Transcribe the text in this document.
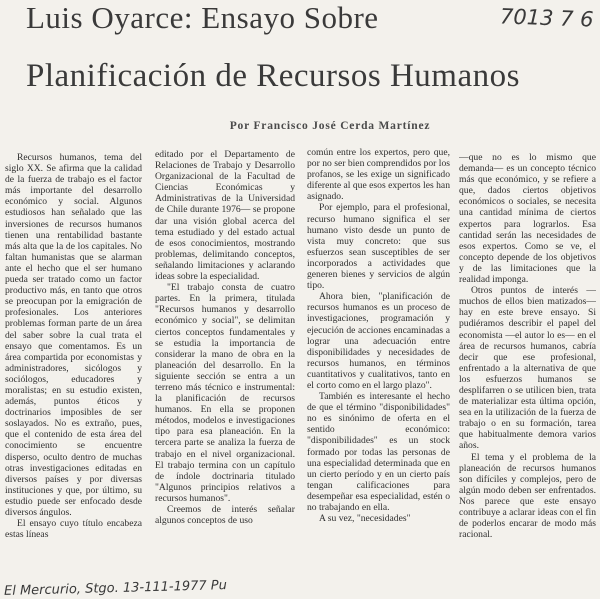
Luis Oyarce: Ensayo Sobre	7013 7 6
Planificación de Recursos Humanos
Por Francisco José Cerda Martínez

Recursos humanos, tema del siglo XX. Se afirma que la calidad de la fuerza de trabajo es el factor más importante del desarrollo económico y social. Algunos estudiosos han señalado que las inversiones de recursos humanos tienen una rentabilidad bastante más alta que la de los capitales. No faltan humanistas que se alarman ante el hecho que el ser humano pueda ser tratado como un factor productivo más, en tanto que otros se preocupan por la emigración de profesionales. Los anteriores problemas forman parte de un área del saber sobre la cual trata el ensayo que comentamos. Es un área compartida por economistas y administradores, sicólogos y sociólogos, educadores y moralistas; en su estudio existen, además, puntos éticos y doctrinarios imposibles de ser soslayados. No es extraño, pues, que el contenido de esta área del conocimiento se encuentre disperso, oculto dentro de muchas otras investigaciones editadas en diversos países y por diversas instituciones y que, por último, su estudio puede ser enfocado desde diversos ángulos.

El ensayo cuyo título encabeza estas líneas

editado por el Departamento de Relaciones de Trabajo y Desarrollo Organizacional de la Facultad de Ciencias Económicas y Administrativas de la Universidad de Chile durante 1976— se propone dar una visión global acerca del tema estudiado y del estado actual de esos conocimientos, mostrando problemas, delimitando conceptos, señalando limitaciones y aclarando ideas sobre la especialidad.

"El trabajo consta de cuatro partes. En la primera, titulada "Recursos humanos y desarrollo económico y social", se delimitan ciertos conceptos fundamentales y se estudia la importancia de considerar la mano de obra en la planeación del desarrollo. En la siguiente sección se entra a un terreno más técnico e instrumental: la planificación de recursos humanos. En ella se proponen métodos, modelos e investigaciones tipo para esa planeación. En la tercera parte se analiza la fuerza de trabajo en el nivel organizacional. El trabajo termina con un capítulo de índole doctrinaria titulado "Algunos principios relativos a recursos humanos".

Creemos de interés señalar algunos conceptos de uso

común entre los expertos, pero que, por no ser bien comprendidos por los profanos, se les exige un significado diferente al que esos expertos les han asignado.

Por ejemplo, para el profesional, recurso humano significa el ser humano visto desde un punto de vista muy concreto: que sus esfuerzos sean susceptibles de ser incorporados a actividades que generen bienes y servicios de algún tipo.

Ahora bien, "planificación de recursos humanos es un proceso de investigaciones, programación y ejecución de acciones encaminadas a lograr una adecuación entre disponibilidades y necesidades de recursos humanos, en términos cuantitativos y cualitativos, tanto en el corto como en el largo plazo".

También es interesante el hecho de que el término "disponibilidades" no es sinónimo de oferta en el sentido económico: "disponibilidades" es un stock formado por todas las personas de una especialidad determinada que en un cierto período y en un cierto país tengan calificaciones para desempeñar esa especialidad, estén o no trabajando en ella.

A su vez, "necesidades"

—que no es lo mismo que demanda— es un concepto técnico más que económico, y se refiere a que, dados ciertos objetivos económicos o sociales, se necesita una cantidad mínima de ciertos expertos para lograrlos. Esa cantidad serán las necesidades de esos expertos. Como se ve, el concepto depende de los objetivos y de las limitaciones que la realidad imponga.

Otros puntos de interés —muchos de ellos bien matizados— hay en este breve ensayo. Si pudiéramos describir el papel del economista —el autor lo es— en el área de recursos humanos, cabría decir que ese profesional, enfrentado a la alternativa de que los esfuerzos humanos se desplifarren o se utilicen bien, trata de materializar esta última opción, sea en la utilización de la fuerza de trabajo o en su formación, tarea que habitualmente demora varios años.

El tema y el problema de la planeación de recursos humanos son difíciles y complejos, pero de algún modo deben ser enfrentados. Nos parece que este ensayo contribuye a aclarar ideas con el fin de poderlos encarar de modo más racional.

El Mercurio, Stgo. 13-111-1977 Pu
